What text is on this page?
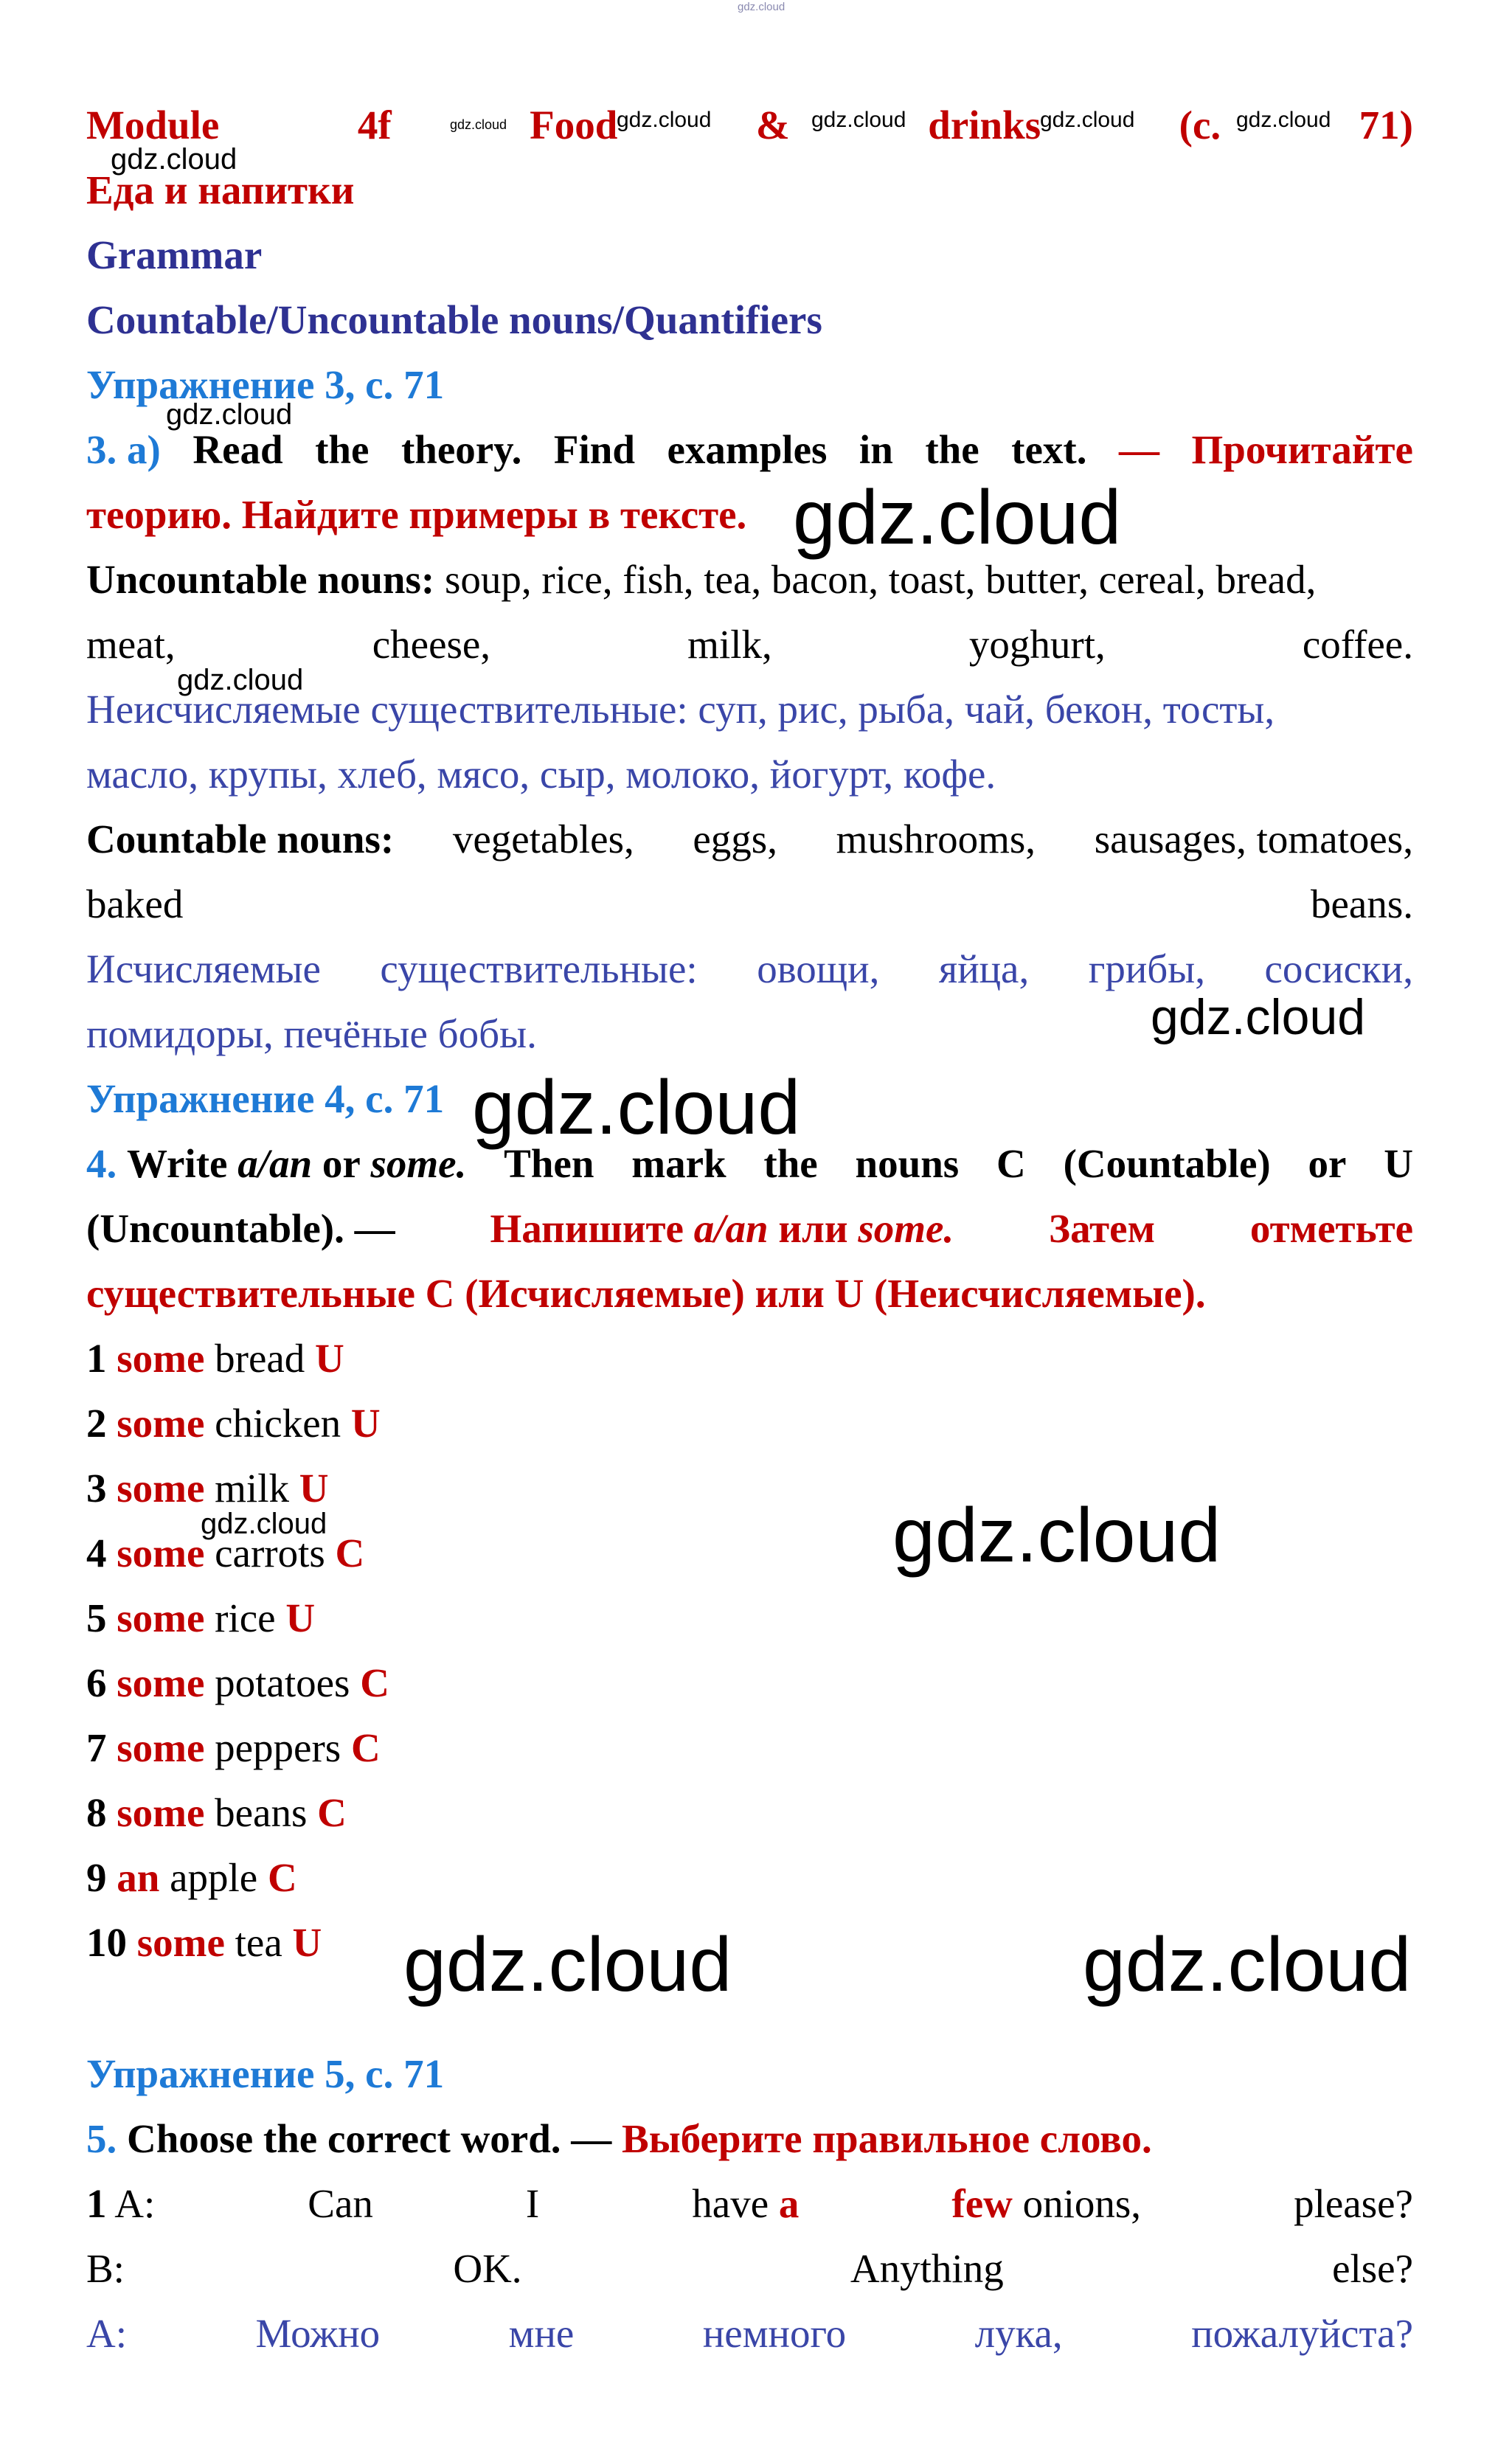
gdz.cloud
Module	4f	Food	&	drinks	(c.	71)
gdz.cloud	gdz.cloud	gdz.cloud	gdz.cloud	gdz.cloud
gdz.cloud
Еда и напитки
Grammar
Countable/Uncountable nouns/Quantifiers
Упражнение 3, с. 71
gdz.cloud
3. a) Read the theory. Find examples in the text. — Прочитайте
теорию. Найдите примеры в тексте. gdz.cloud
Uncountable nouns: soup, rice, fish, tea, bacon, toast, butter, cereal, bread,
meat,	cheese,	milk,	yoghurt,	coffee.
gdz.cloud
Неисчисляемые существительные: суп, рис, рыба, чай, бекон, тосты,
масло, крупы, хлеб, мясо, сыр, молоко, йогурт, кофе.
Countable nouns: vegetables, eggs, mushrooms, sausages, tomatoes,
baked	beans.
Исчисляемые существительные: овощи, яйца, грибы, сосиски,
помидоры, печёные бобы.	gdz.cloud
Упражнение 4, с. 71 gdz.cloud
4. Write a/an or some. Then mark the nouns C (Countable) or U
(Uncountable). — Напишите a/an или some. Затем отметьте
существительные С (Исчисляемые) или U (Неисчисляемые).
1 some bread U
2 some chicken U
3 some milk U
gdz.cloud
4 some carrots C	gdz.cloud
5 some rice U
6 some potatoes C
7 some peppers C
8 some beans C
9 an apple C
10 some tea U	gdz.cloud	gdz.cloud
Упражнение 5, с. 71
5. Choose the correct word. — Выберите правильное слово.
1 A:	Can	I	have a	few onions,	please?
B:	OK.	Anything	else?
A:	Можно	мне	немного	лука,	пожалуйста?
